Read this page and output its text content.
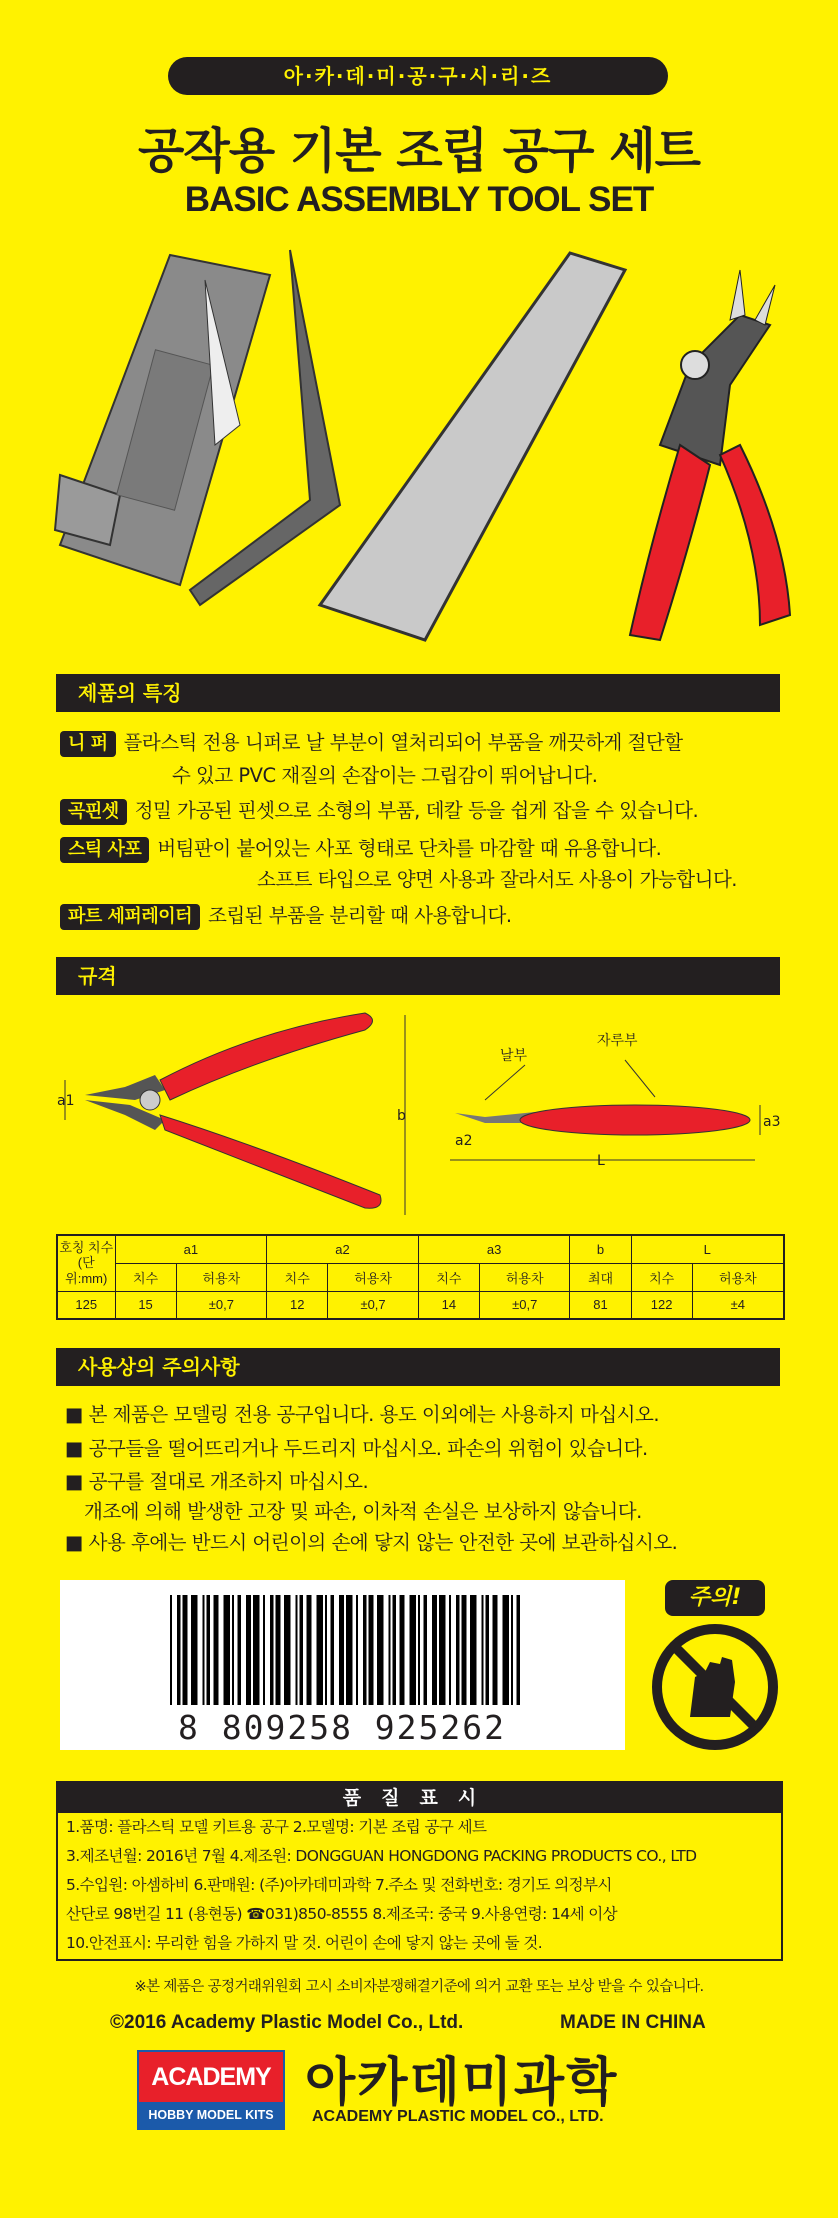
아·카·데·미·공·구·시·리·즈
공작용 기본 조립 공구 세트
BASIC ASSEMBLY TOOL SET
제품의 특징
니 퍼 플라스틱 전용 니퍼로 날 부분이 열처리되어 부품을 깨끗하게 절단할
수 있고 PVC 재질의 손잡이는 그립감이 뛰어납니다.
곡핀셋 정밀 가공된 핀셋으로 소형의 부품, 데칼 등을 쉽게 잡을 수 있습니다.
스틱 사포 버팀판이 붙어있는 사포 형태로 단차를 마감할 때 유용합니다.
소프트 타입으로 양면 사용과 잘라서도 사용이 가능합니다.
파트 세퍼레이터 조립된 부품을 분리할 때 사용합니다.
규격
a1
b
날부
자루부
a2
a3
L
호칭 치수
(단위:mm)	a1		a2		a3		b	L	
	치수	허용차	치수	허용차	치수	허용차	최대	치수	허용차
125	15	±0,7	12	±0,7	14	±0,7	81	122	±4
사용상의 주의사항
■ 본 제품은 모델링 전용 공구입니다. 용도 이외에는 사용하지 마십시오.
■ 공구들을 떨어뜨리거나 두드리지 마십시오. 파손의 위험이 있습니다.
■ 공구를 절대로 개조하지 마십시오.
개조에 의해 발생한 고장 및 파손, 이차적 손실은 보상하지 않습니다.
■ 사용 후에는 반드시 어린이의 손에 닿지 않는 안전한 곳에 보관하십시오.
8 809258 925262
주의!
품질표시
1.품명: 플라스틱 모델 키트용 공구 2.모델명: 기본 조립 공구 세트
3.제조년월: 2016년 7월 4.제조원: DONGGUAN HONGDONG PACKING PRODUCTS CO., LTD
5.수입원: 아셈하비 6.판매원: (주)아카데미과학 7.주소 및 전화번호: 경기도 의정부시
산단로 98번길 11 (용현동) ☎031)850-8555 8.제조국: 중국 9.사용연령: 14세 이상
10.안전표시: 무리한 힘을 가하지 말 것. 어린이 손에 닿지 않는 곳에 둘 것.
※본 제품은 공정거래위원회 고시 소비자분쟁해결기준에 의거 교환 또는 보상 받을 수 있습니다.
©2016 Academy Plastic Model Co., Ltd.	MADE IN CHINA
ACADEMY
HOBBY MODEL KITS
아카데미과학
ACADEMY PLASTIC MODEL CO., LTD.
